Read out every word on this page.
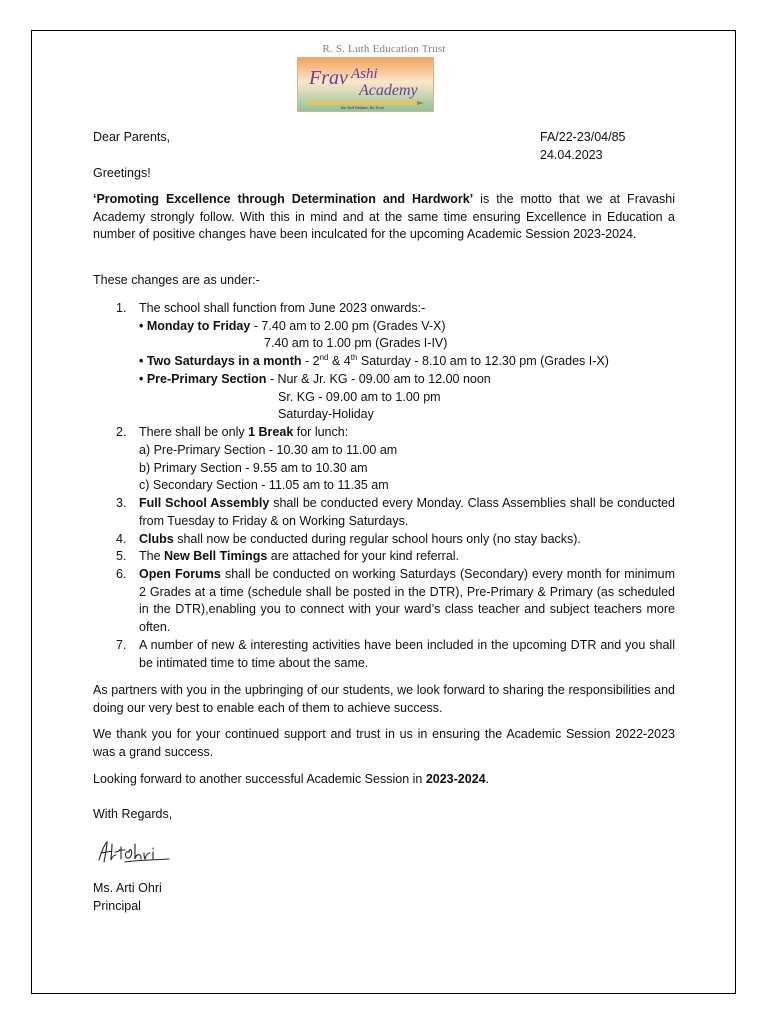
R. S. Luth Education Trust
Frav Ashi
Academy
Be Self Reliant, Be Sure
Dear Parents,	FA/22-23/04/85
24.04.2023
Greetings!
‘Promoting Excellence through Determination and Hardwork’ is the motto that we at Fravashi Academy strongly follow. With this in mind and at the same time ensuring Excellence in Education a number of positive changes have been inculcated for the upcoming Academic Session 2023-2024.
These changes are as under:-
1. The school shall function from June 2023 onwards:-
• Monday to Friday - 7.40 am to 2.00 pm (Grades V-X)
7.40 am to 1.00 pm (Grades I-IV)
• Two Saturdays in a month - 2nd & 4th Saturday - 8.10 am to 12.30 pm (Grades I-X)
• Pre-Primary Section - Nur & Jr. KG - 09.00 am to 12.00 noon
Sr. KG - 09.00 am to 1.00 pm
Saturday-Holiday
2. There shall be only 1 Break for lunch:
a) Pre-Primary Section - 10.30 am to 11.00 am
b) Primary Section - 9.55 am to 10.30 am
c) Secondary Section - 11.05 am to 11.35 am
3. Full School Assembly shall be conducted every Monday. Class Assemblies shall be conducted from Tuesday to Friday & on Working Saturdays.
4. Clubs shall now be conducted during regular school hours only (no stay backs).
5. The New Bell Timings are attached for your kind referral.
6. Open Forums shall be conducted on working Saturdays (Secondary) every month for minimum 2 Grades at a time (schedule shall be posted in the DTR), Pre-Primary & Primary (as scheduled in the DTR),enabling you to connect with your ward’s class teacher and subject teachers more often.
7. A number of new & interesting activities have been included in the upcoming DTR and you shall be intimated time to time about the same.
As partners with you in the upbringing of our students, we look forward to sharing the responsibilities and doing our very best to enable each of them to achieve success.
We thank you for your continued support and trust in us in ensuring the Academic Session 2022-2023 was a grand success.
Looking forward to another successful Academic Session in 2023-2024.
With Regards,
Ms. Arti Ohri
Principal
